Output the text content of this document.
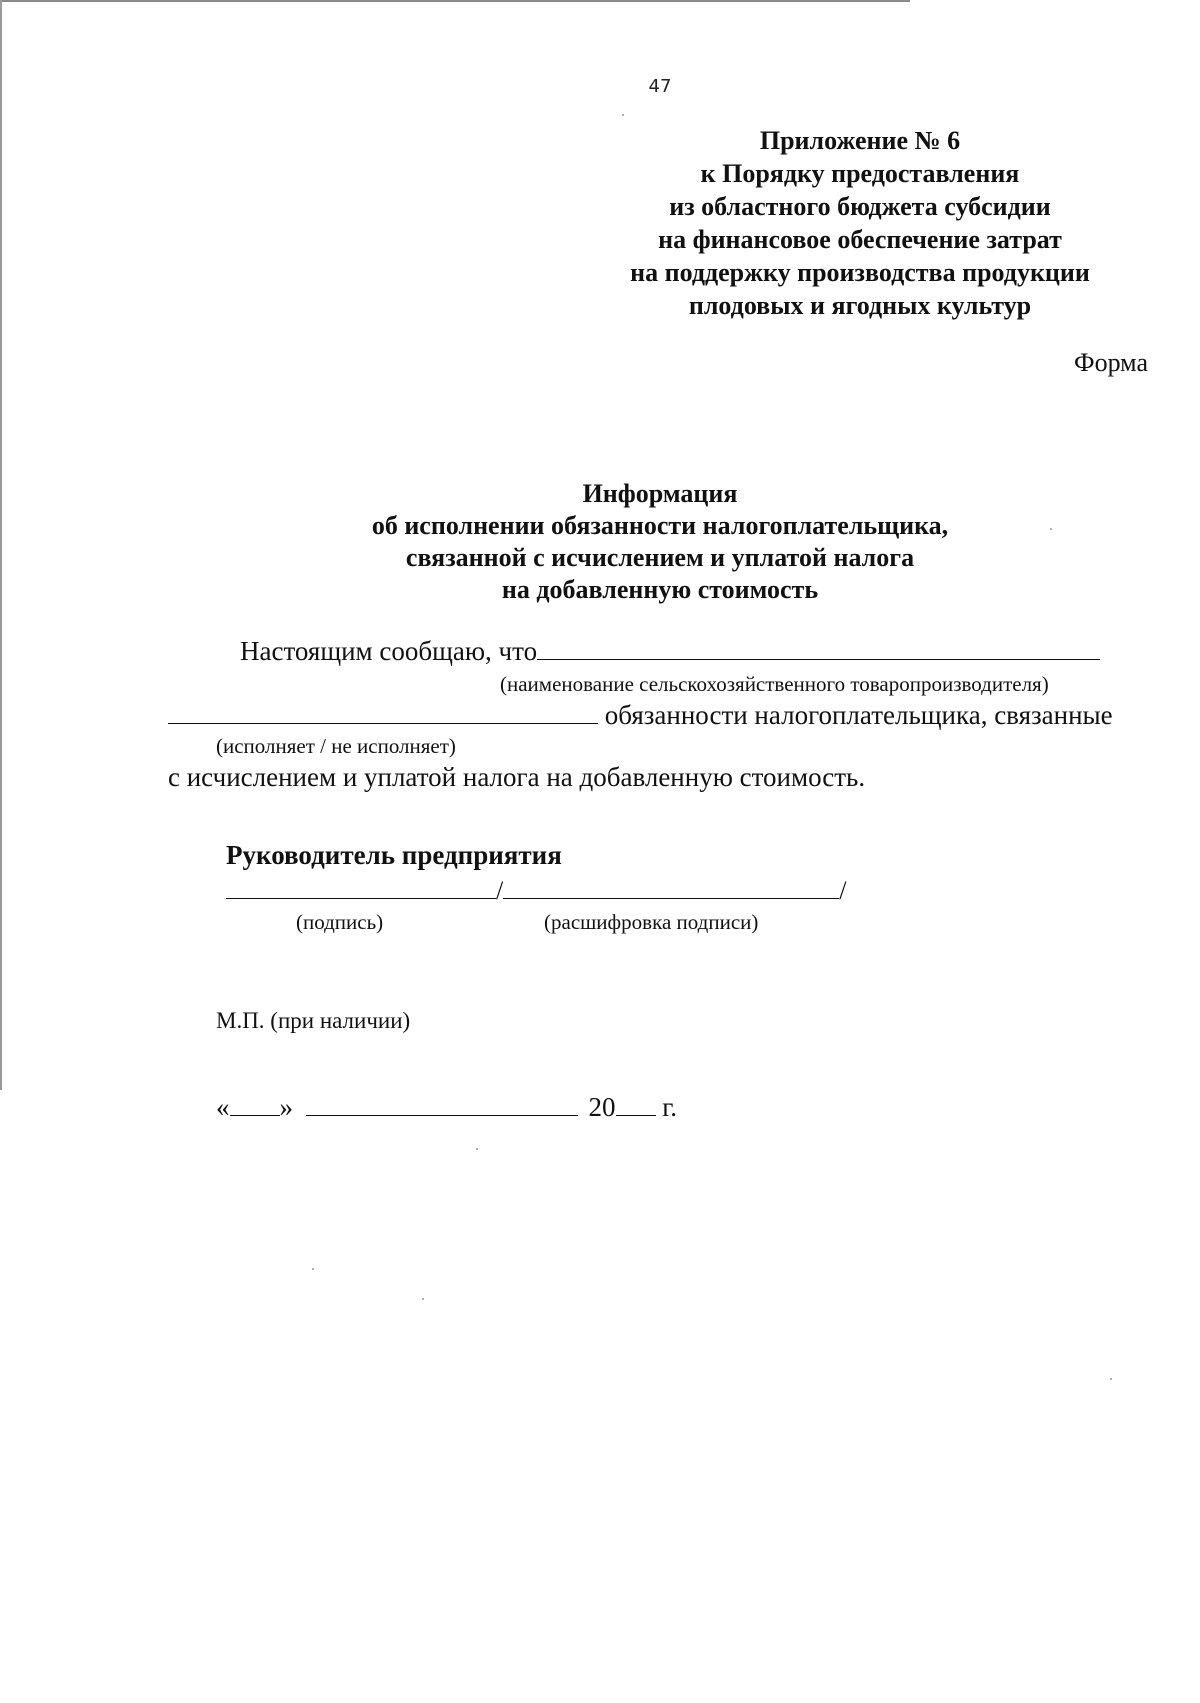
47
Приложение № 6
к Порядку предоставления
из областного бюджета субсидии
на финансовое обеспечение затрат
на поддержку производства продукции
плодовых и ягодных культур
Форма
Информация
об исполнении обязанности налогоплательщика,
связанной с исчислением и уплатой налога
на добавленную стоимость
Настоящим сообщаю, что
(наименование сельскохозяйственного товаропроизводителя)
обязанности налогоплательщика, связанные
(исполняет / не исполняет)
с исчислением и уплатой налога на добавленную стоимость.
Руководитель предприятия
/	/
(подпись)	(расшифровка подписи)
М.П. (при наличии)
« »	20 г.
